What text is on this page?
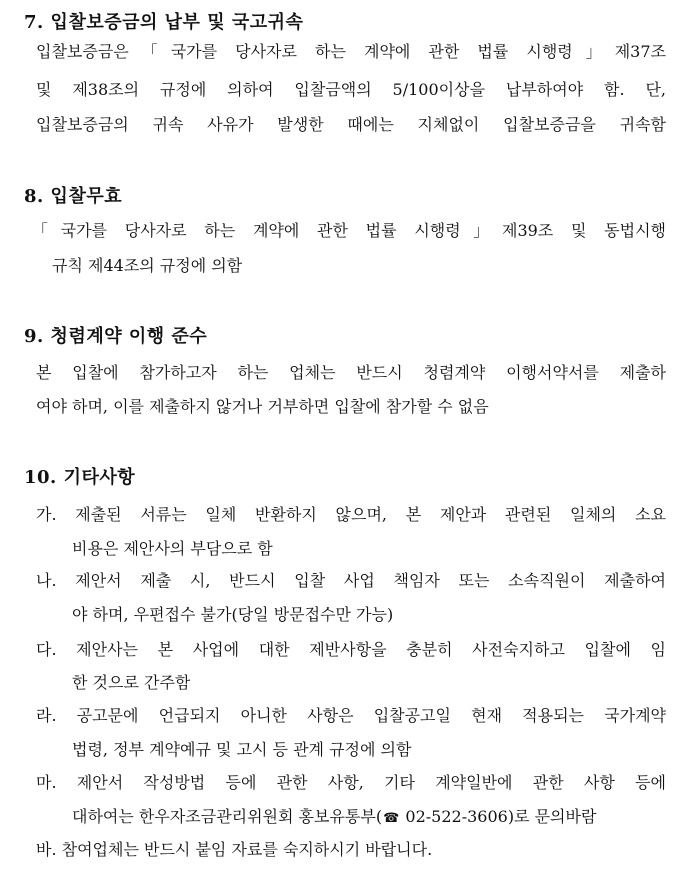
7. 입찰보증금의 납부 및 국고귀속
입찰보증금은「국가를 당사자로 하는 계약에 관한 법률 시행령」제37조
및 제38조의 규정에 의하여 입찰금액의 5/100이상을 납부하여야 함. 단,
입찰보증금의 귀속 사유가 발생한 때에는 지체없이 입찰보증금을 귀속함
8. 입찰무효
「국가를 당사자로 하는 계약에 관한 법률 시행령」제39조 및 동법시행
규칙 제44조의 규정에 의함
9. 청렴계약 이행 준수
본 입찰에 참가하고자 하는 업체는 반드시 청렴계약 이행서약서를 제출하
여야 하며, 이를 제출하지 않거나 거부하면 입찰에 참가할 수 없음
10. 기타사항
가. 제출된 서류는 일체 반환하지 않으며, 본 제안과 관련된 일체의 소요
비용은 제안사의 부담으로 함
나. 제안서 제출 시, 반드시 입찰 사업 책임자 또는 소속직원이 제출하여
야 하며, 우편접수 불가(당일 방문접수만 가능)
다. 제안사는 본 사업에 대한 제반사항을 충분히 사전숙지하고 입찰에 임
한 것으로 간주함
라. 공고문에 언급되지 아니한 사항은 입찰공고일 현재 적용되는 국가계약
법령, 정부 계약예규 및 고시 등 관계 규정에 의함
마. 제안서 작성방법 등에 관한 사항, 기타 계약일반에 관한 사항 등에
대하여는 한우자조금관리위원회 홍보유통부(☎ 02-522-3606)로 문의바람
바. 참여업체는 반드시 붙임 자료를 숙지하시기 바랍니다.
